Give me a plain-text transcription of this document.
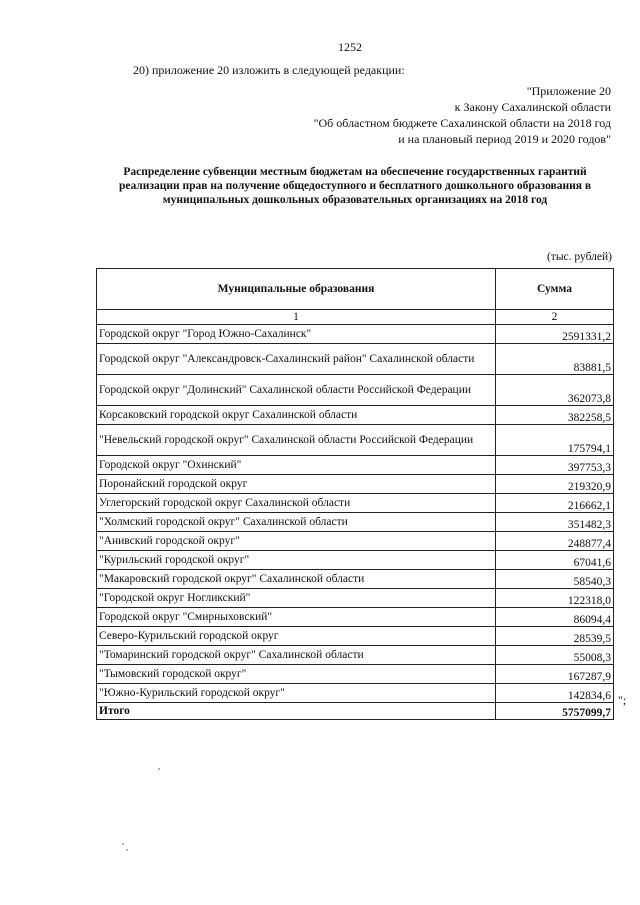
1252
20) приложение 20 изложить в следующей редакции:
"Приложение 20
к Закону Сахалинской области
"Об областном бюджете Сахалинской области на 2018 год
и на плановый период 2019 и 2020 годов"
Распределение субвенции местным бюджетам на обеспечение государственных гарантий реализации прав на получение общедоступного и бесплатного дошкольного образования в муниципальных дошкольных образовательных организациях на 2018 год
(тыс. рублей)
Муниципальные образования	Сумма
1	2
Городской округ "Город Южно-Сахалинск"	2591331,2
Городской округ "Александровск-Сахалинский район" Сахалинской области	83881,5
Городской округ "Долинский" Сахалинской области Российской Федерации	362073,8
Корсаковский городской округ Сахалинской области	382258,5
"Невельский городской округ" Сахалинской области Российской Федерации	175794,1
Городской округ "Охинский"	397753,3
Поронайский городской округ	219320,9
Углегорский городской округ Сахалинской области	216662,1
"Холмский городской округ" Сахалинской области	351482,3
"Анивский городской округ"	248877,4
"Курильский городской округ"	67041,6
"Макаровский городской округ" Сахалинской области	58540,3
"Городской округ Ногликский"	122318,0
Городской округ "Смирныховский"	86094,4
Северо-Курильский городской округ	28539,5
"Томаринский городской округ" Сахалинской области	55008,3
"Тымовский городской округ"	167287,9
"Южно-Курильский городской округ"	142834,6
Итого	5757099,7
";
